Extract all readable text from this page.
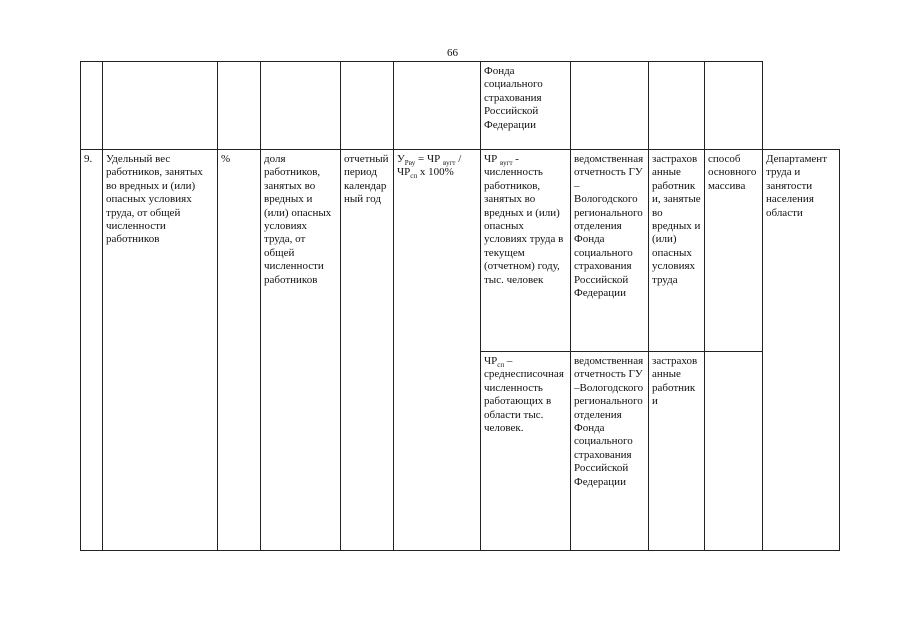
66

						Фонда социального страхования Российской Федерации				

9.	Удельный вес работников, занятых во вредных и (или) опасных условиях труда, от общей численности работников	%	доля работников, занятых во вредных и (или) опасных условиях труда, от общей численности работников	отчетный период календарный год	$У_{Рву}$ = ЧР $_{вугт} / ЧР_{сп}$ x 100%	ЧР $_{вугт}$ - численность работников, занятых во вредных и (или) опасных условиях труда в текущем (отчетном) году, тыс. человек	ведомственная отчетность ГУ – Вологодского регионального отделения Фонда социального страхования Российской Федерации	застрахованные работники, занятые во вредных и (или) опасных условиях труда	способ основного массива	Департамент труда и занятости населения области

						$ЧР_{сп}$ – среднесписочная численность работающих в области тыс. человек.	ведомственная отчетность ГУ –Вологодского регионального отделения Фонда социального страхования Российской Федерации	застрахованные работники		
